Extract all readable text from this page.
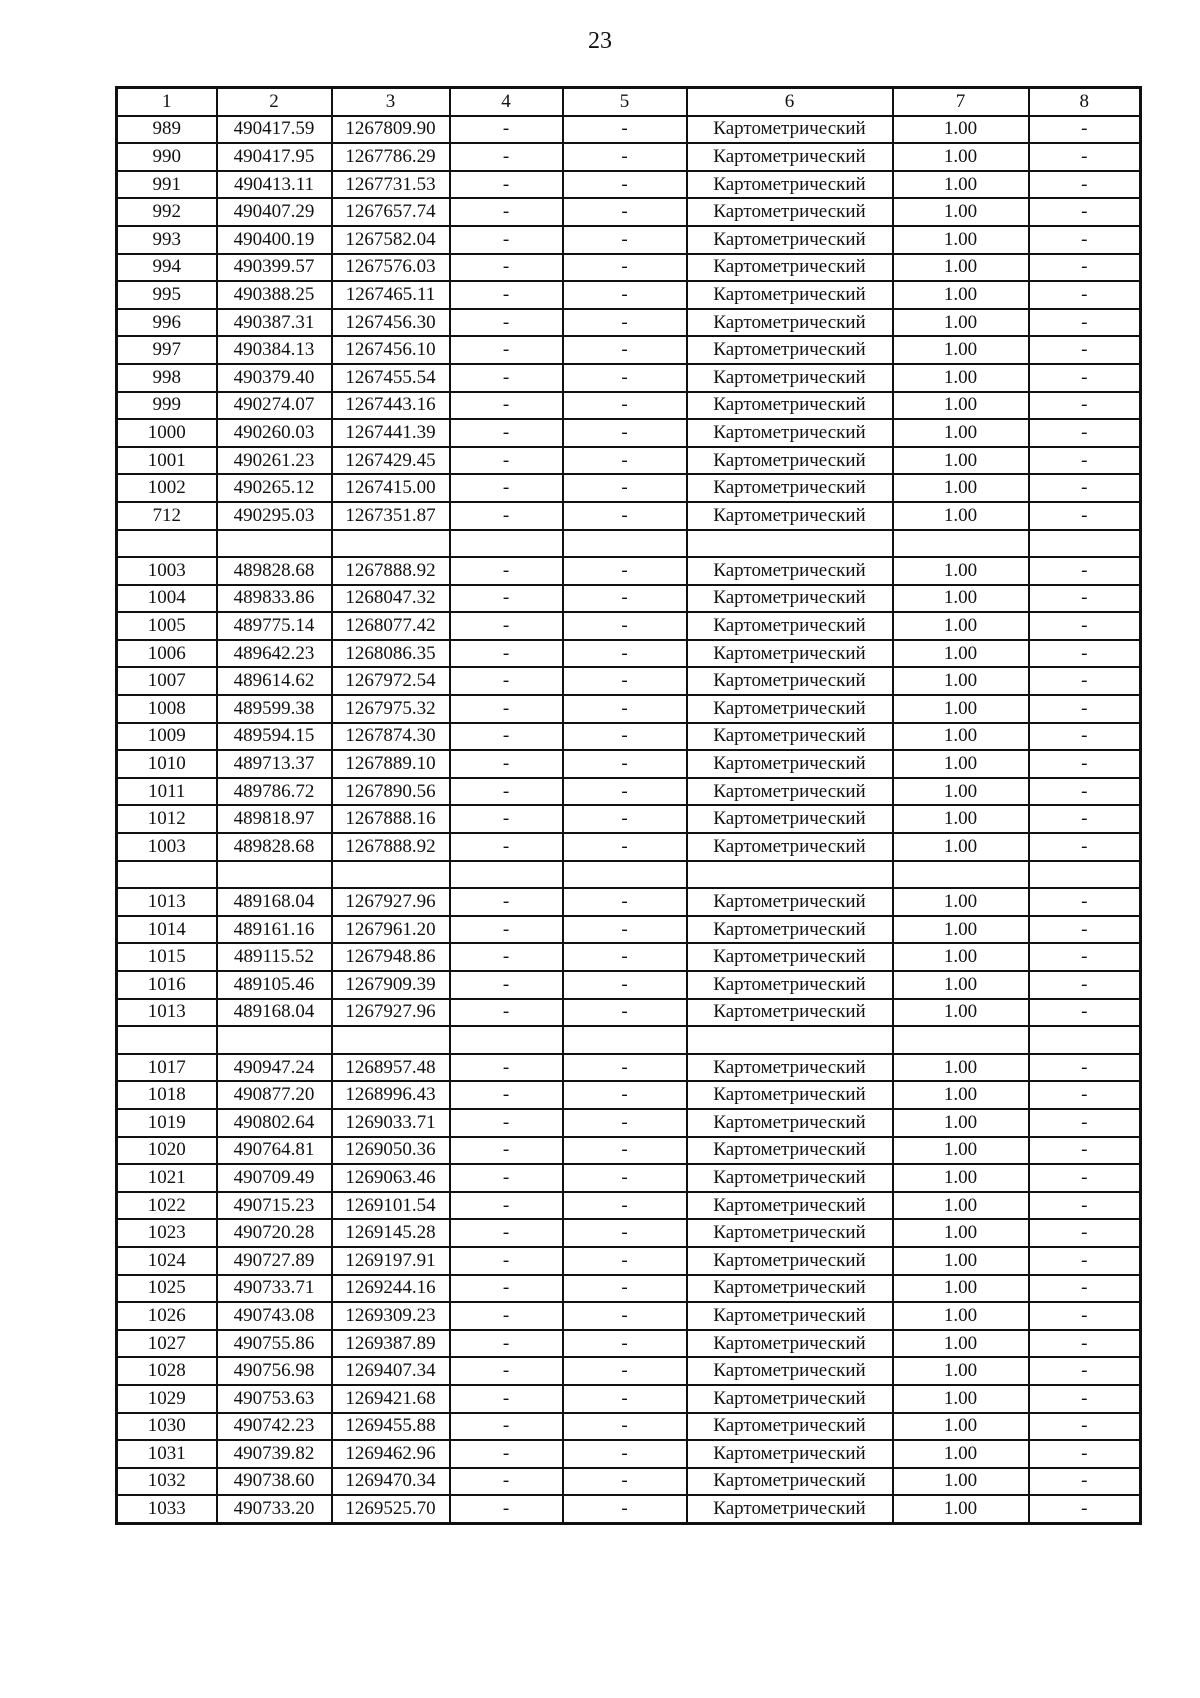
23
1	2	3	4	5	6	7	8
989	490417.59	1267809.90	-	-	Картометрический	1.00	-
990	490417.95	1267786.29	-	-	Картометрический	1.00	-
991	490413.11	1267731.53	-	-	Картометрический	1.00	-
992	490407.29	1267657.74	-	-	Картометрический	1.00	-
993	490400.19	1267582.04	-	-	Картометрический	1.00	-
994	490399.57	1267576.03	-	-	Картометрический	1.00	-
995	490388.25	1267465.11	-	-	Картометрический	1.00	-
996	490387.31	1267456.30	-	-	Картометрический	1.00	-
997	490384.13	1267456.10	-	-	Картометрический	1.00	-
998	490379.40	1267455.54	-	-	Картометрический	1.00	-
999	490274.07	1267443.16	-	-	Картометрический	1.00	-
1000	490260.03	1267441.39	-	-	Картометрический	1.00	-
1001	490261.23	1267429.45	-	-	Картометрический	1.00	-
1002	490265.12	1267415.00	-	-	Картометрический	1.00	-
712	490295.03	1267351.87	-	-	Картометрический	1.00	-

1003	489828.68	1267888.92	-	-	Картометрический	1.00	-
1004	489833.86	1268047.32	-	-	Картометрический	1.00	-
1005	489775.14	1268077.42	-	-	Картометрический	1.00	-
1006	489642.23	1268086.35	-	-	Картометрический	1.00	-
1007	489614.62	1267972.54	-	-	Картометрический	1.00	-
1008	489599.38	1267975.32	-	-	Картометрический	1.00	-
1009	489594.15	1267874.30	-	-	Картометрический	1.00	-
1010	489713.37	1267889.10	-	-	Картометрический	1.00	-
1011	489786.72	1267890.56	-	-	Картометрический	1.00	-
1012	489818.97	1267888.16	-	-	Картометрический	1.00	-
1003	489828.68	1267888.92	-	-	Картометрический	1.00	-

1013	489168.04	1267927.96	-	-	Картометрический	1.00	-
1014	489161.16	1267961.20	-	-	Картометрический	1.00	-
1015	489115.52	1267948.86	-	-	Картометрический	1.00	-
1016	489105.46	1267909.39	-	-	Картометрический	1.00	-
1013	489168.04	1267927.96	-	-	Картометрический	1.00	-

1017	490947.24	1268957.48	-	-	Картометрический	1.00	-
1018	490877.20	1268996.43	-	-	Картометрический	1.00	-
1019	490802.64	1269033.71	-	-	Картометрический	1.00	-
1020	490764.81	1269050.36	-	-	Картометрический	1.00	-
1021	490709.49	1269063.46	-	-	Картометрический	1.00	-
1022	490715.23	1269101.54	-	-	Картометрический	1.00	-
1023	490720.28	1269145.28	-	-	Картометрический	1.00	-
1024	490727.89	1269197.91	-	-	Картометрический	1.00	-
1025	490733.71	1269244.16	-	-	Картометрический	1.00	-
1026	490743.08	1269309.23	-	-	Картометрический	1.00	-
1027	490755.86	1269387.89	-	-	Картометрический	1.00	-
1028	490756.98	1269407.34	-	-	Картометрический	1.00	-
1029	490753.63	1269421.68	-	-	Картометрический	1.00	-
1030	490742.23	1269455.88	-	-	Картометрический	1.00	-
1031	490739.82	1269462.96	-	-	Картометрический	1.00	-
1032	490738.60	1269470.34	-	-	Картометрический	1.00	-
1033	490733.20	1269525.70	-	-	Картометрический	1.00	-
